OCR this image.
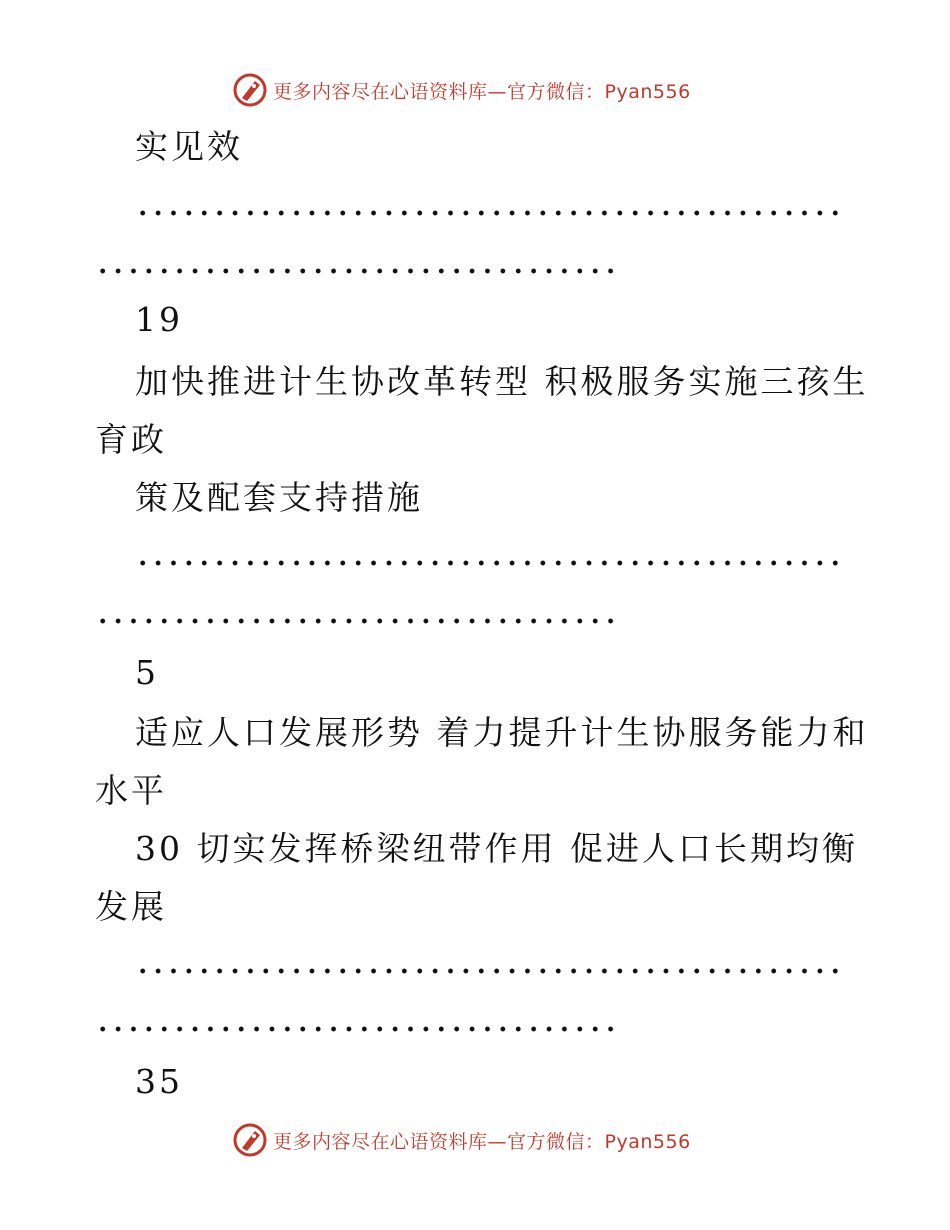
更多内容尽在心语资料库—官方微信：Pyan556
实见效
19
加快推进计生协改革转型 积极服务实施三孩生
育政
策及配套支持措施
5
适应人口发展形势 着力提升计生协服务能力和
水平
30 切实发挥桥梁纽带作用 促进人口长期均衡
发展
35
更多内容尽在心语资料库—官方微信：Pyan556
